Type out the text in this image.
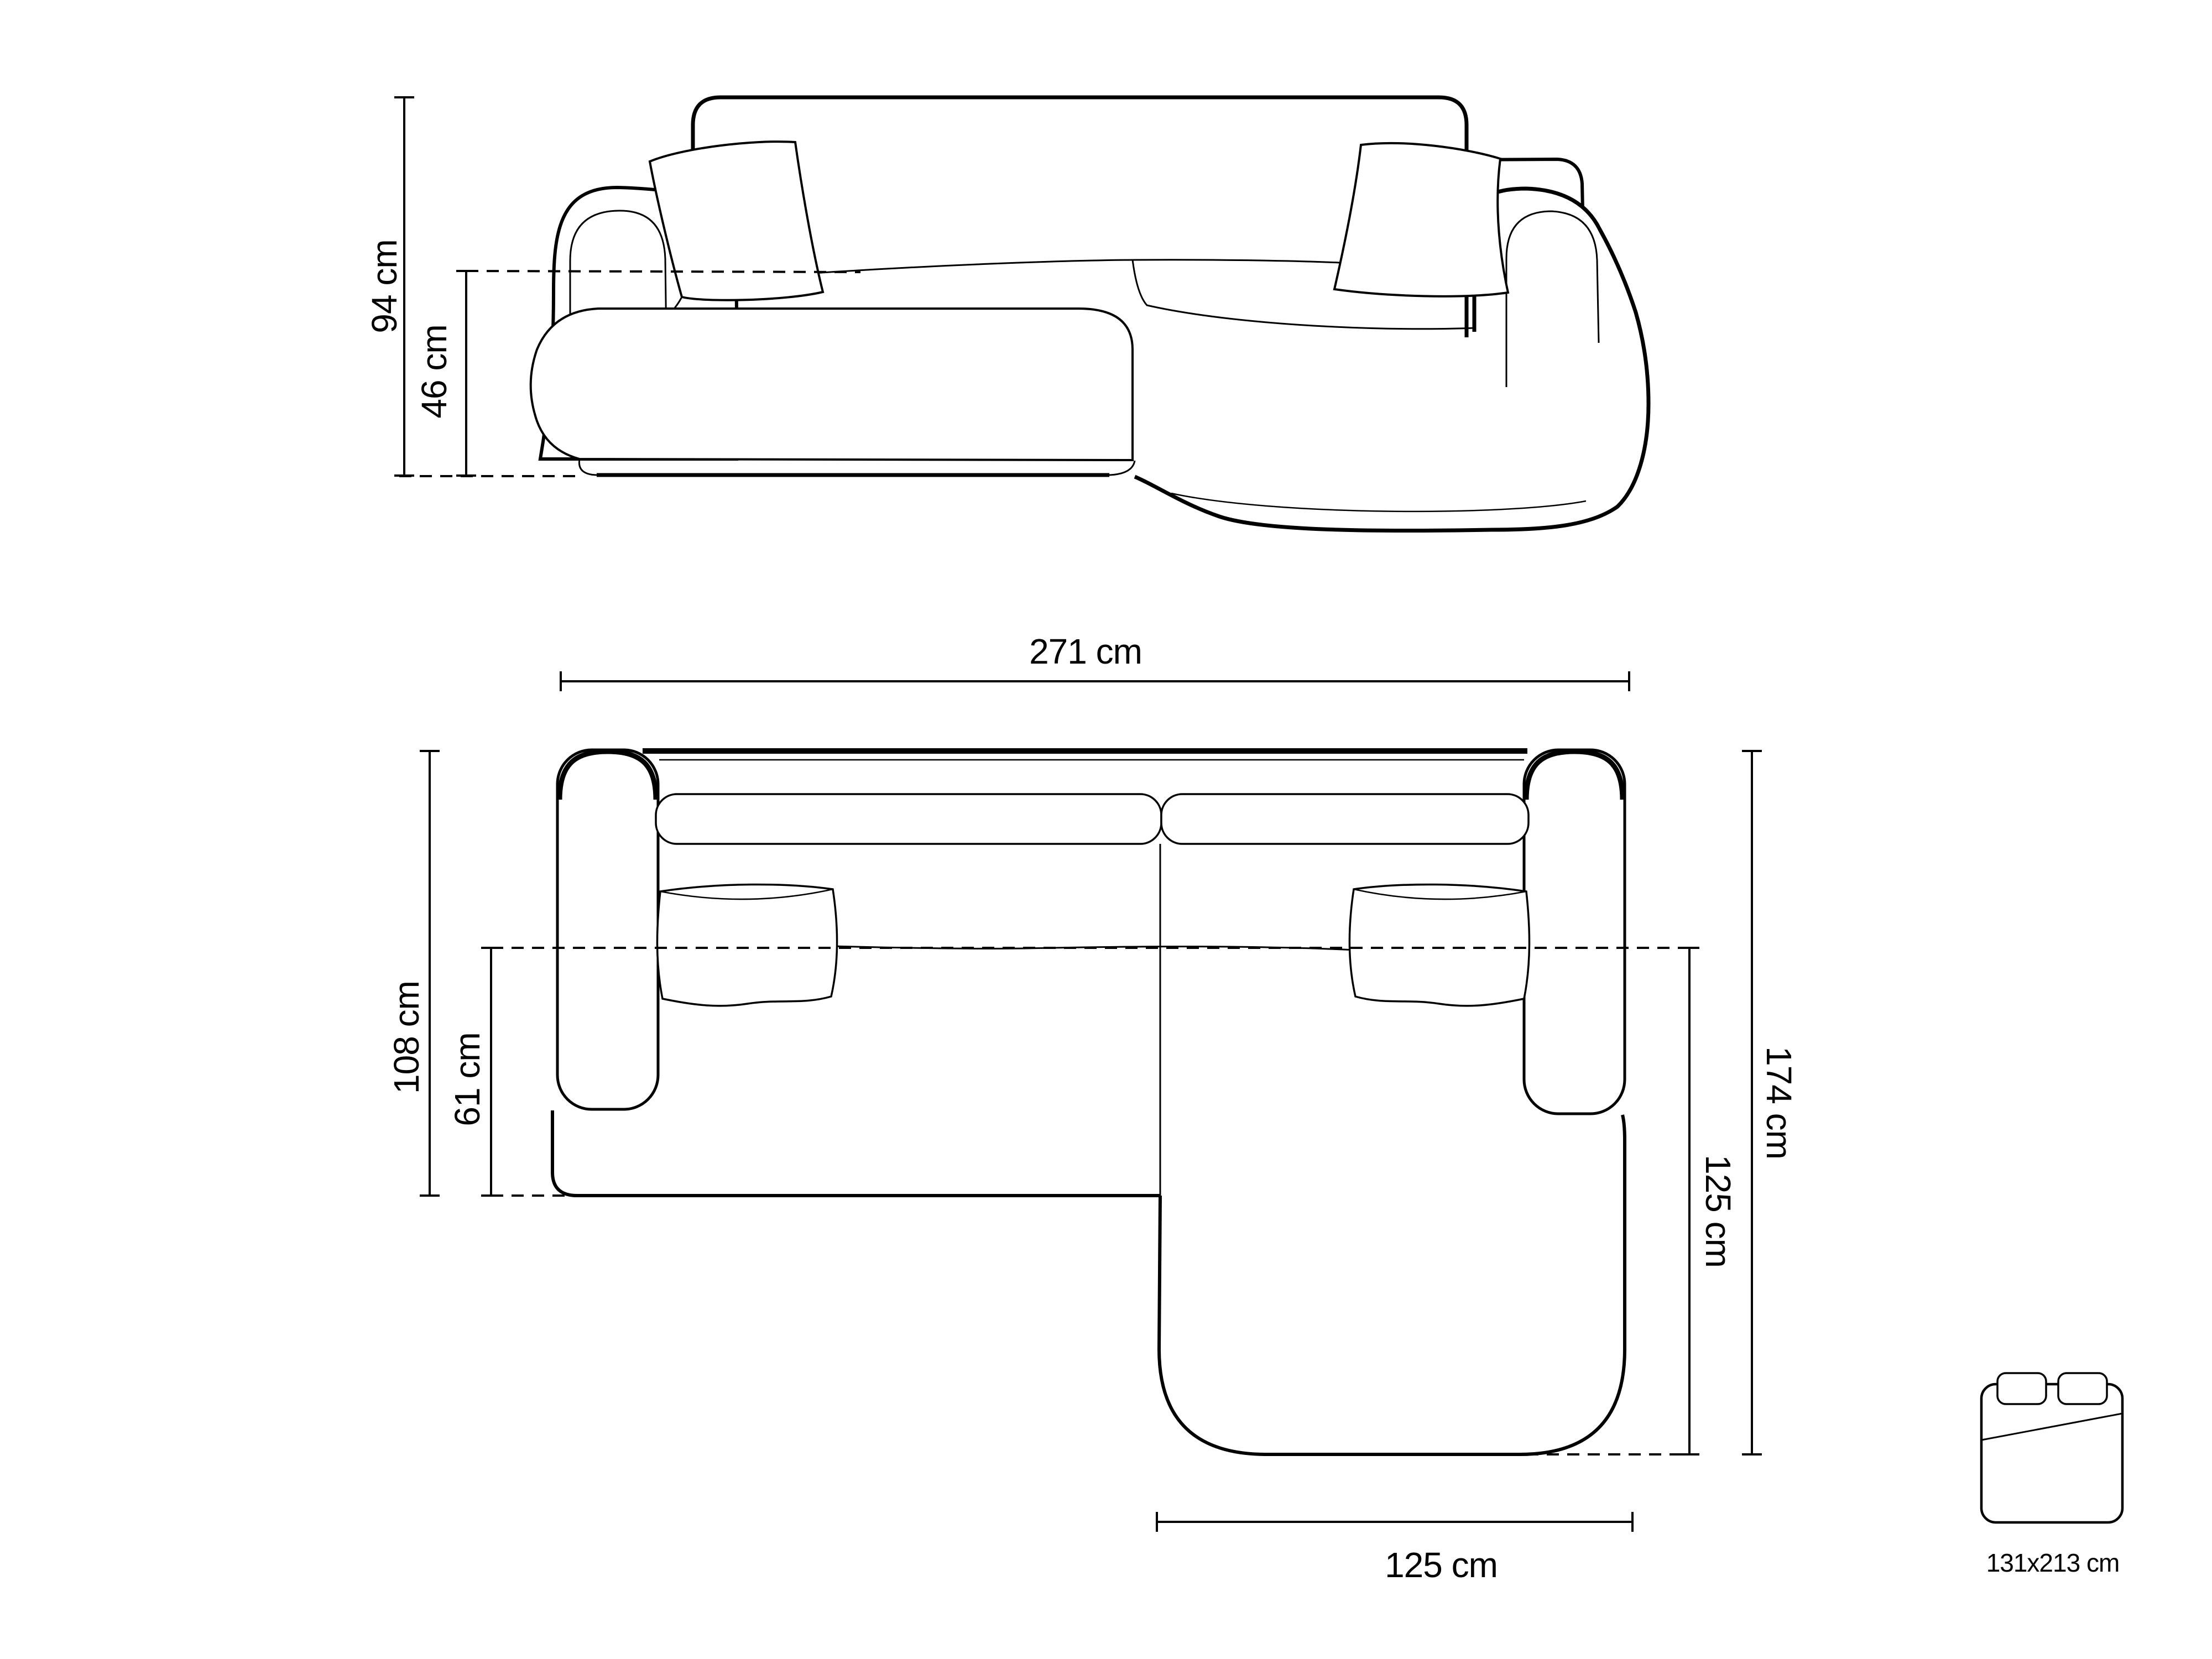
94 cm
46 cm
271 cm
108 cm 61 cm	174 cm
125 cm
125 cm	131x213 cm
